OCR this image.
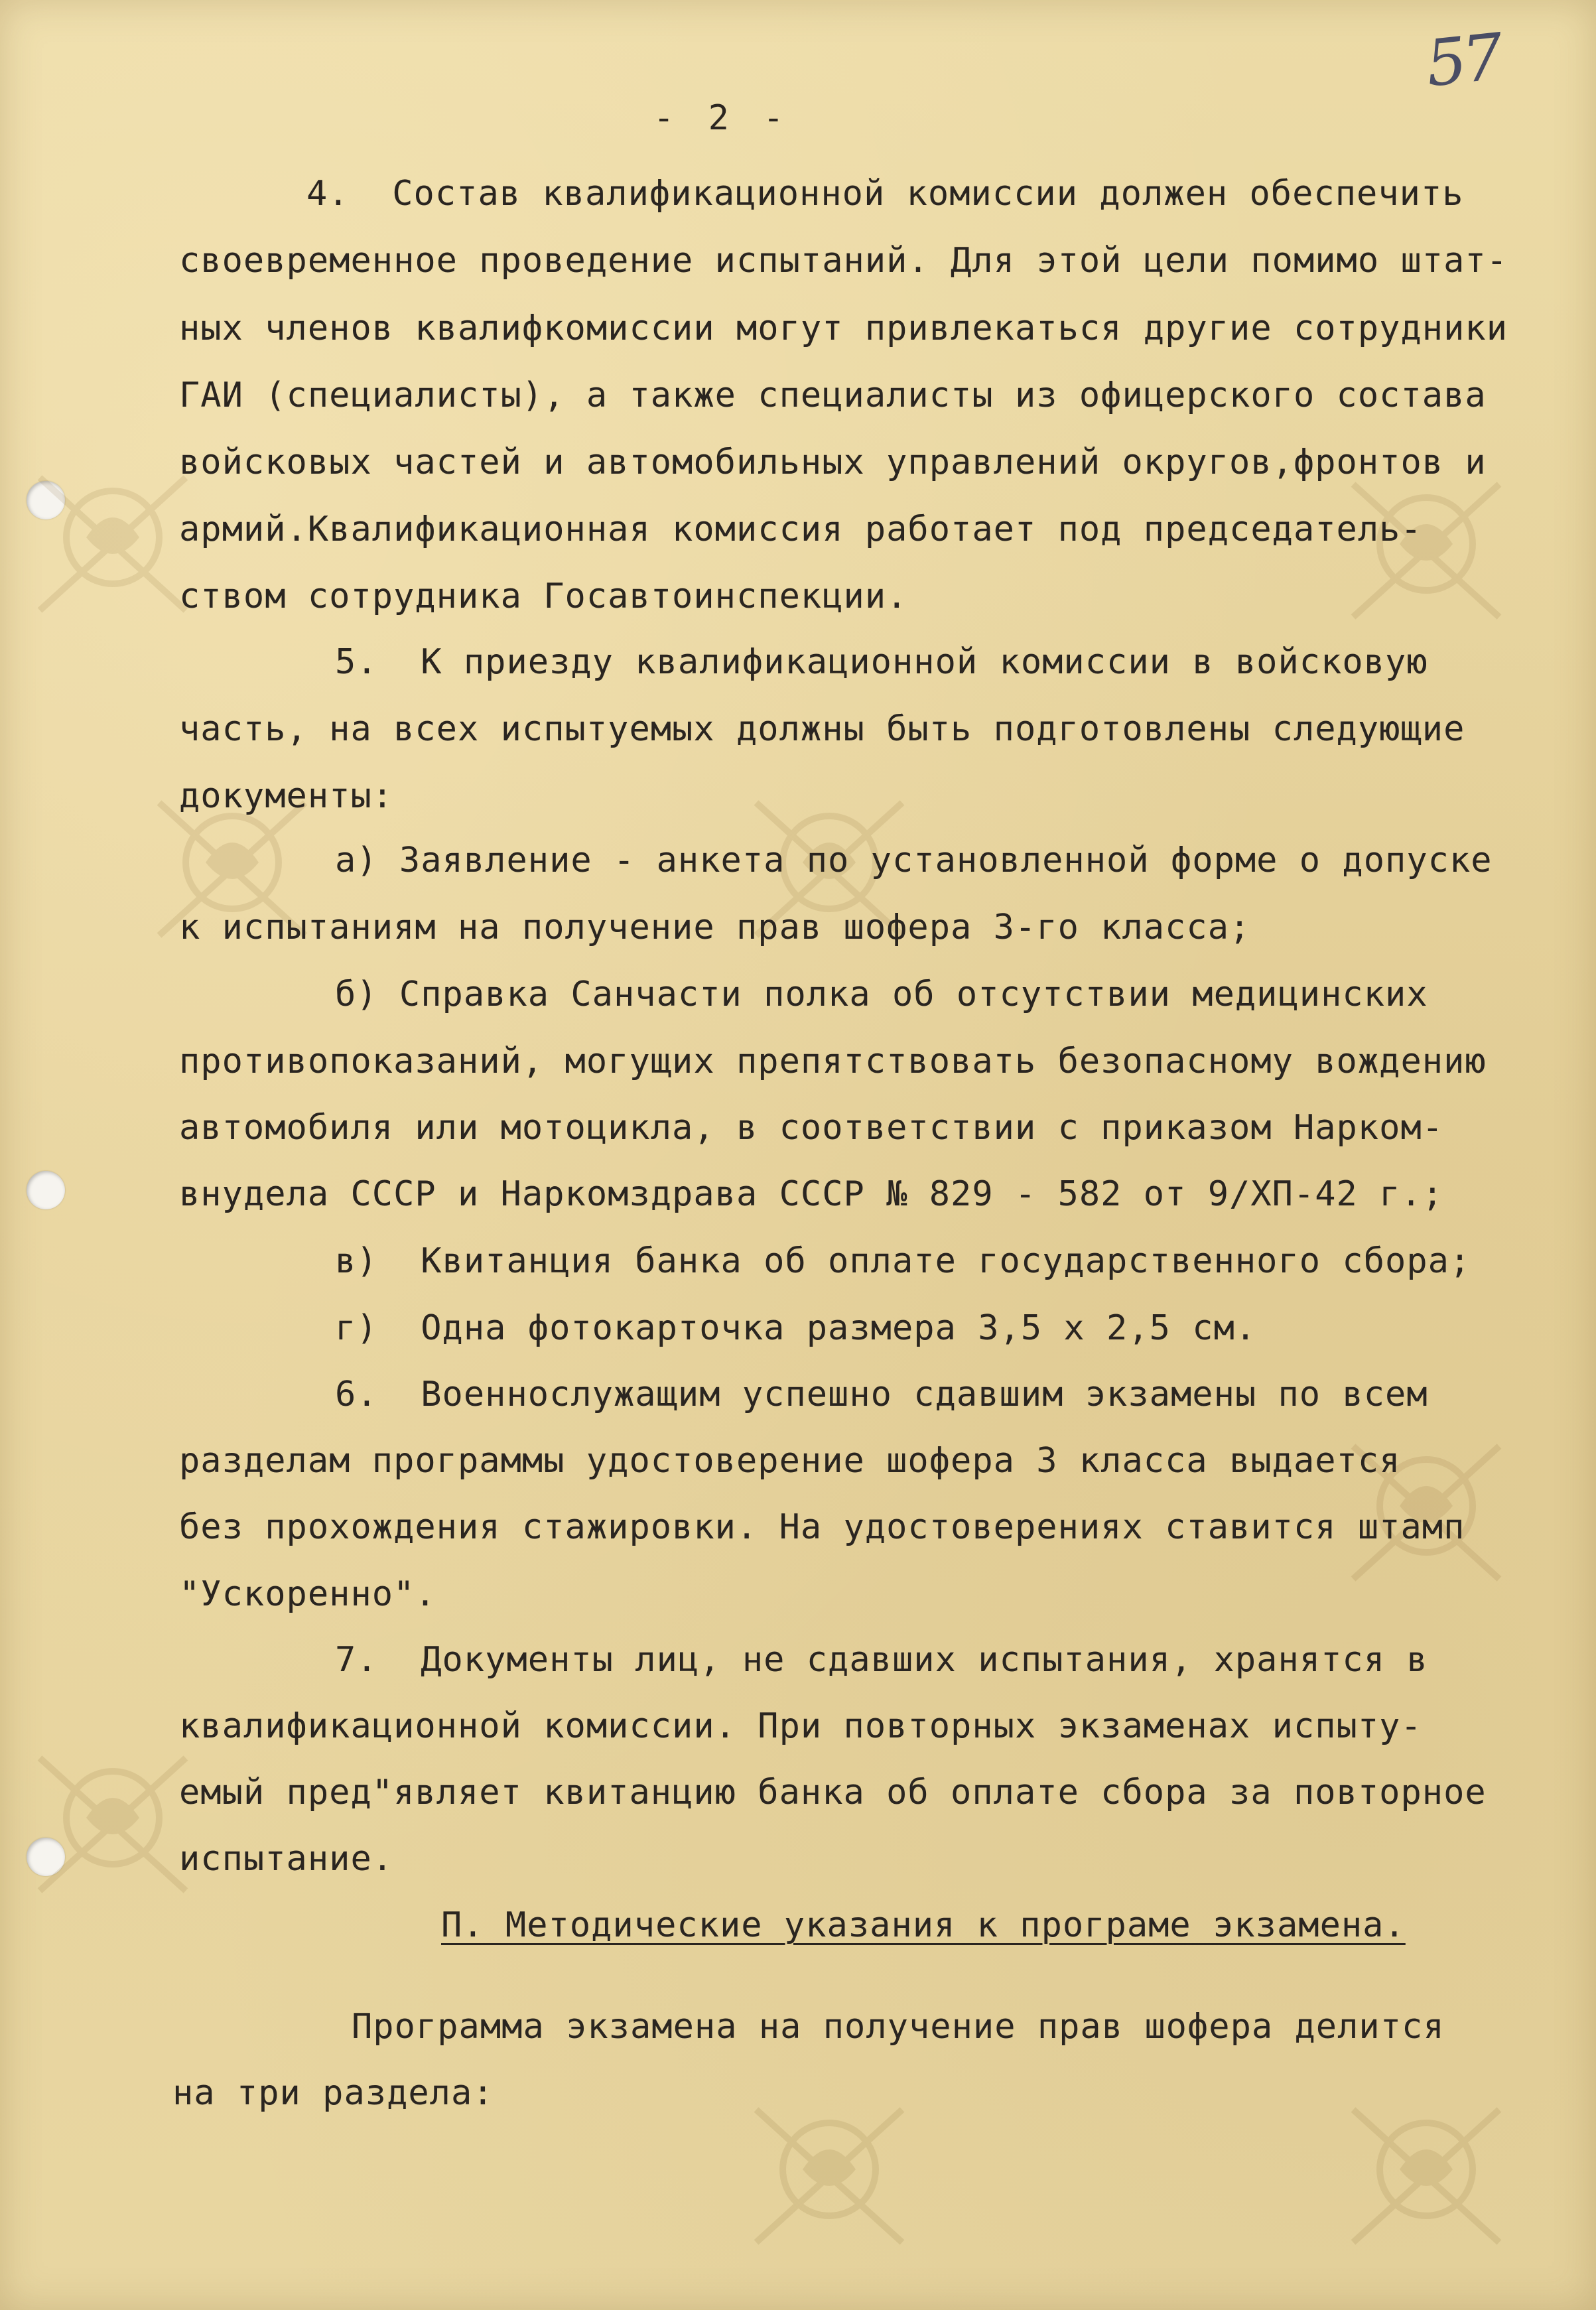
57
- 2 -
4.  Состав квалификационной комиссии должен обеспечить
своевременное проведение испытаний. Для этой цели помимо штат-
ных членов квалифкомиссии могут привлекаться другие сотрудники
ГАИ (специалисты), а также специалисты из офицерского состава
войсковых частей и автомобильных управлений округов,фронтов и
армий.Квалификационная комиссия работает под председатель-
ством сотрудника Госавтоинспекции.
5.  К приезду квалификационной комиссии в войсковую
часть, на всех испытуемых должны быть подготовлены следующие
документы:
а) Заявление - анкета по установленной форме о допуске
к испытаниям на получение прав шофера 3-го класса;
б) Справка Санчасти полка об отсутствии медицинских
противопоказаний, могущих препятствовать безопасному вождению
автомобиля или мотоцикла, в соответствии с приказом Нарком-
внудела СССР и Наркомздрава СССР № 829 - 582 от 9/ХП-42 г.;
в)  Квитанция банка об оплате государственного сбора;
г)  Одна фотокарточка размера 3,5 х 2,5 см.
6.  Военнослужащим успешно сдавшим экзамены по всем
разделам программы удостоверение шофера 3 класса выдается
без прохождения стажировки. На удостоверениях ставится штамп
"Ускоренно".
7.  Документы лиц, не сдавших испытания, хранятся в
квалификационной комиссии. При повторных экзаменах испыту-
емый пред"являет квитанцию банка об оплате сбора за повторное
испытание.
П. Методические указания к програме экзамена.
Программа экзамена на получение прав шофера делится
на три раздела:
